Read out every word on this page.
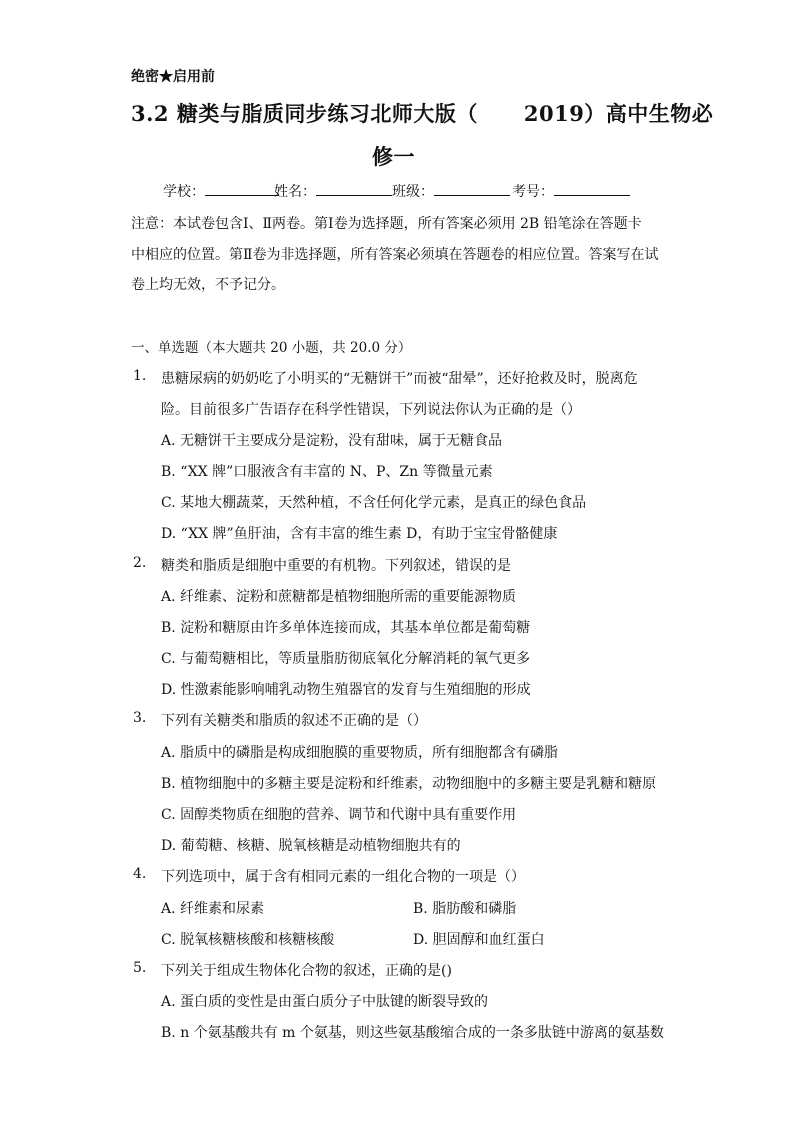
绝密★启用前
3.2 糖类与脂质同步练习北师大版（ 2019）高中生物必
修一
学校：	姓名：	班级：	考号：
注意：本试卷包含Ⅰ、Ⅱ两卷。第Ⅰ卷为选择题，所有答案必须用 2B 铅笔涂在答题卡
中相应的位置。第Ⅱ卷为非选择题，所有答案必须填在答题卷的相应位置。答案写在试
卷上均无效，不予记分。
一、单选题（本大题共 20 小题，共 20.0 分）
1. 患糖尿病的奶奶吃了小明买的“无糖饼干”而被“甜晕”，还好抢救及时，脱离危
险。目前很多广告语存在科学性错误，下列说法你认为正确的是（）
A. 无糖饼干主要成分是淀粉，没有甜味，属于无糖食品
B. “XX 牌”口服液含有丰富的 N、P、Zn 等微量元素
C. 某地大棚蔬菜，天然种植，不含任何化学元素，是真正的绿色食品
D. “XX 牌”鱼肝油，含有丰富的维生素 D，有助于宝宝骨骼健康
2. 糖类和脂质是细胞中重要的有机物。下列叙述，错误的是
A. 纤维素、淀粉和蔗糖都是植物细胞所需的重要能源物质
B. 淀粉和糖原由许多单体连接而成，其基本单位都是葡萄糖
C. 与葡萄糖相比，等质量脂肪彻底氧化分解消耗的氧气更多
D. 性激素能影响哺乳动物生殖器官的发育与生殖细胞的形成
3. 下列有关糖类和脂质的叙述不正确的是（）
A. 脂质中的磷脂是构成细胞膜的重要物质，所有细胞都含有磷脂
B. 植物细胞中的多糖主要是淀粉和纤维素，动物细胞中的多糖主要是乳糖和糖原
C. 固醇类物质在细胞的营养、调节和代谢中具有重要作用
D. 葡萄糖、核糖、脱氧核糖是动植物细胞共有的
4. 下列选项中，属于含有相同元素的一组化合物的一项是（）
A. 纤维素和尿素	B. 脂肪酸和磷脂
C. 脱氧核糖核酸和核糖核酸	D. 胆固醇和血红蛋白
5. 下列关于组成生物体化合物的叙述，正确的是()
A. 蛋白质的变性是由蛋白质分子中肽键的断裂导致的
B. n 个氨基酸共有 m 个氨基，则这些氨基酸缩合成的一条多肽链中游离的氨基数
